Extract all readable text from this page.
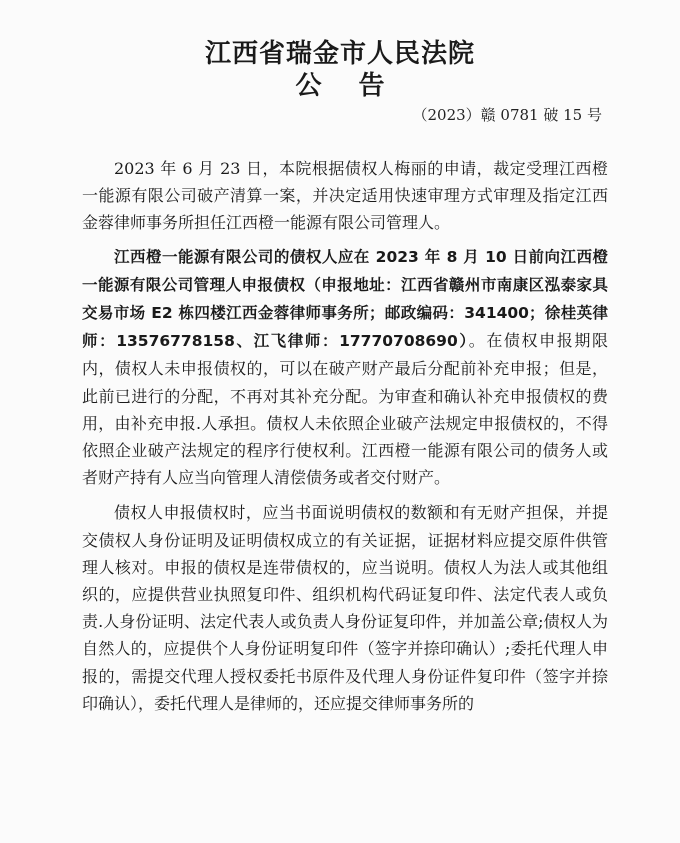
江西省瑞金市人民法院
公 告
（2023）赣 0781 破 15 号

2023 年 6 月 23 日，本院根据债权人梅丽的申请，裁定受理江西橙一能源有限公司破产清算一案，并决定适用快速审理方式审理及指定江西金蓉律师事务所担任江西橙一能源有限公司管理人。

江西橙一能源有限公司的债权人应在 2023 年 8 月 10 日前向江西橙一能源有限公司管理人申报债权（申报地址：江西省赣州市南康区泓泰家具交易市场 E2 栋四楼江西金蓉律师事务所；邮政编码：341400；徐桂英律师：13576778158、江飞律师：17770708690）。在债权申报期限内，债权人未申报债权的，可以在破产财产最后分配前补充申报；但是，此前已进行的分配，不再对其补充分配。为审查和确认补充申报债权的费用，由补充申报.人承担。债权人未依照企业破产法规定申报债权的，不得依照企业破产法规定的程序行使权利。江西橙一能源有限公司的债务人或者财产持有人应当向管理人清偿债务或者交付财产。

债权人申报债权时，应当书面说明债权的数额和有无财产担保，并提交债权人身份证明及证明债权成立的有关证据，证据材料应提交原件供管理人核对。申报的债权是连带债权的，应当说明。债权人为法人或其他组织的，应提供营业执照复印件、组织机构代码证复印件、法定代表人或负责.人身份证明、法定代表人或负责人身份证复印件，并加盖公章;债权人为自然人的，应提供个人身份证明复印件（签字并捺印确认）;委托代理人申报的，需提交代理人授权委托书原件及代理人身份证件复印件（签字并捺印确认），委托代理人是律师的，还应提交律师事务所的
